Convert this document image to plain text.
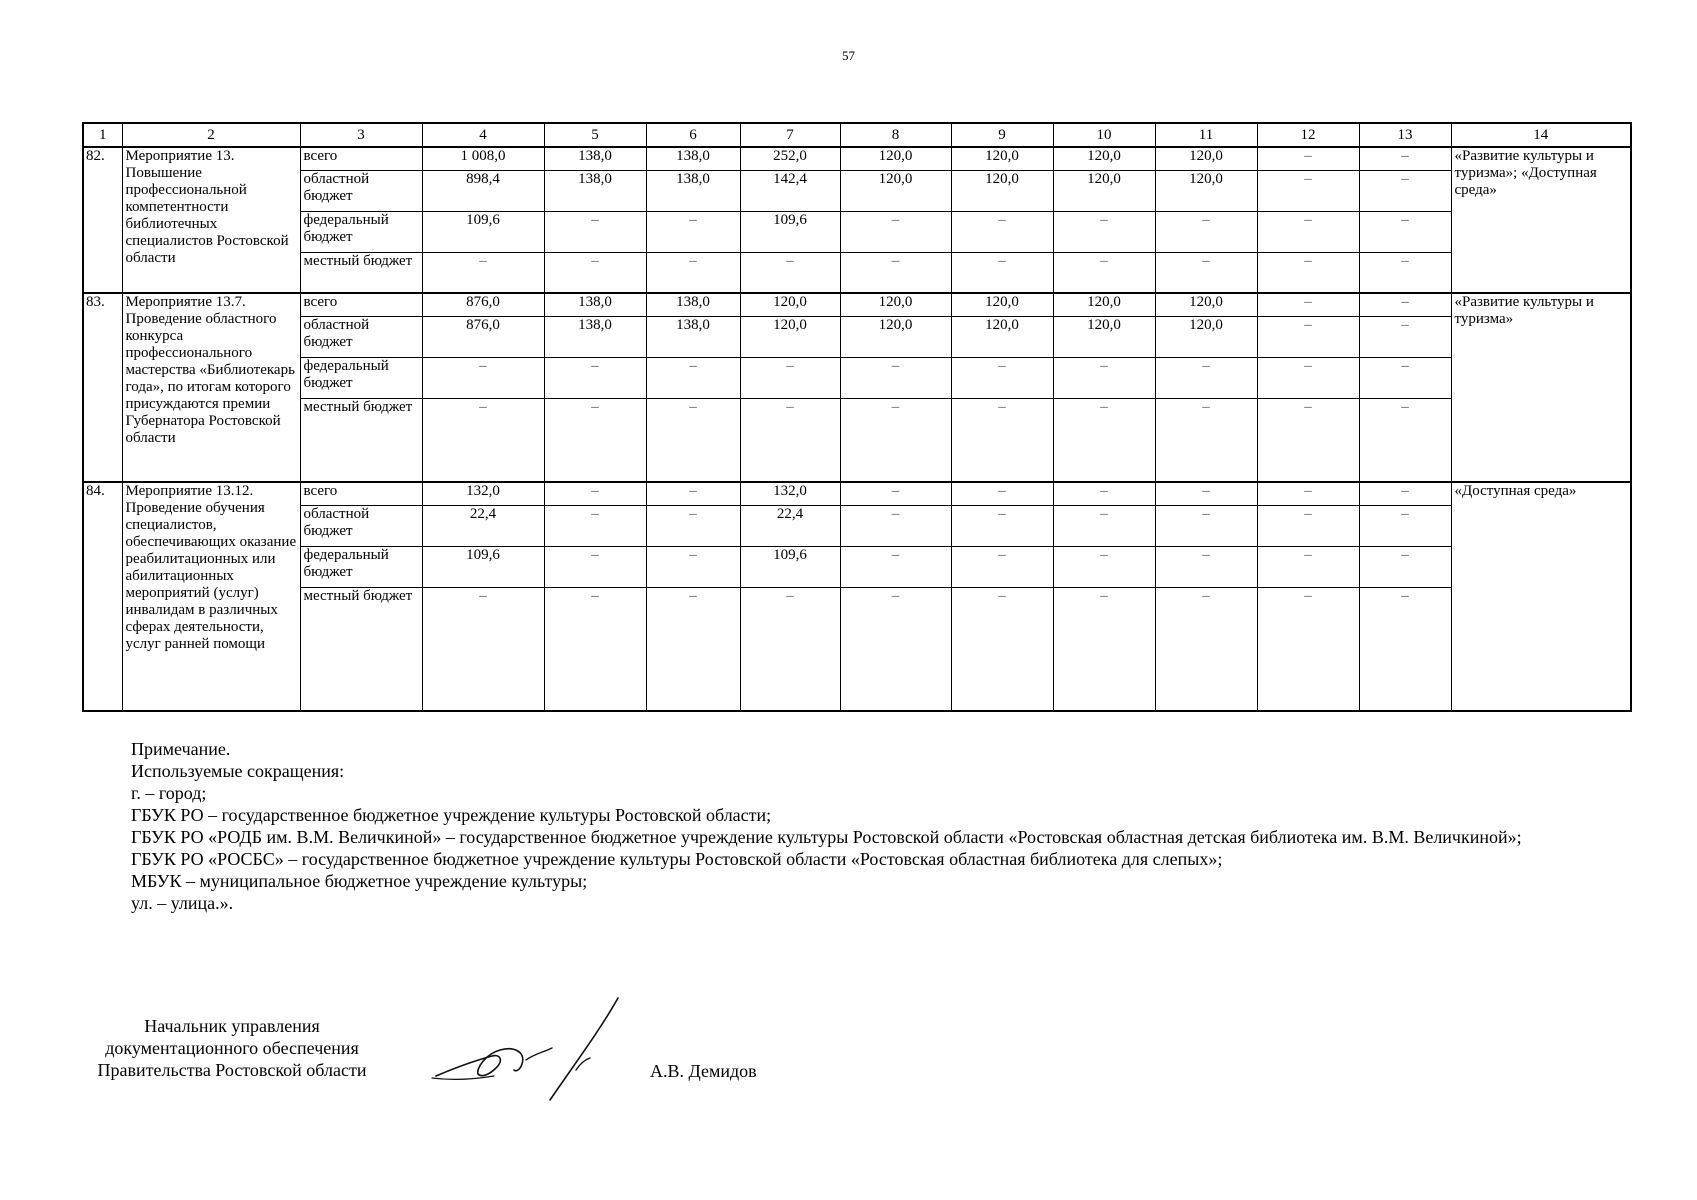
57
1	2	3	4	5	6	7	8	9	10	11	12	13	14
82.	Мероприятие 13. Повышение профессиональной компетентности библиотечных специалистов Ростовской области	всего	1 008,0	138,0	138,0	252,0	120,0	120,0	120,0	120,0	–	–	«Развитие культуры и туризма»; «Доступная среда»
		областной бюджет	898,4	138,0	138,0	142,4	120,0	120,0	120,0	120,0	–	–	
		федеральный бюджет	109,6	–	–	109,6	–	–	–	–	–	–	
		местный бюджет	–	–	–	–	–	–	–	–	–	–	
83.	Мероприятие 13.7. Проведение областного конкурса профессионального мастерства «Библиотекарь года», по итогам которого присуждаются премии Губернатора Ростовской области	всего	876,0	138,0	138,0	120,0	120,0	120,0	120,0	120,0	–	–	«Развитие культуры и туризма»
		областной бюджет	876,0	138,0	138,0	120,0	120,0	120,0	120,0	120,0	–	–	
		федеральный бюджет	–	–	–	–	–	–	–	–	–	–	
		местный бюджет	–	–	–	–	–	–	–	–	–	–	
84.	Мероприятие 13.12. Проведение обучения специалистов, обеспечивающих оказание реабилитационных или абилитационных мероприятий (услуг) инвалидам в различных сферах деятельности, услуг ранней помощи	всего	132,0	–	–	132,0	–	–	–	–	–	–	«Доступная среда»
		областной бюджет	22,4	–	–	22,4	–	–	–	–	–	–	
		федеральный бюджет	109,6	–	–	109,6	–	–	–	–	–	–	
		местный бюджет	–	–	–	–	–	–	–	–	–	–	

Примечание.

Используемые сокращения:

г. – город;

ГБУК РО – государственное бюджетное учреждение культуры Ростовской области;

ГБУК РО «РОДБ им. В.М. Величкиной» – государственное бюджетное учреждение культуры Ростовской области «Ростовская областная детская библиотека им. В.М. Величкиной»;

ГБУК РО «РОСБС» – государственное бюджетное учреждение культуры Ростовской области «Ростовская областная библиотека для слепых»;

МБУК – муниципальное бюджетное учреждение культуры;

ул. – улица.».

Начальник управления
документационного обеспечения
Правительства Ростовской области	А.В. Демидов
